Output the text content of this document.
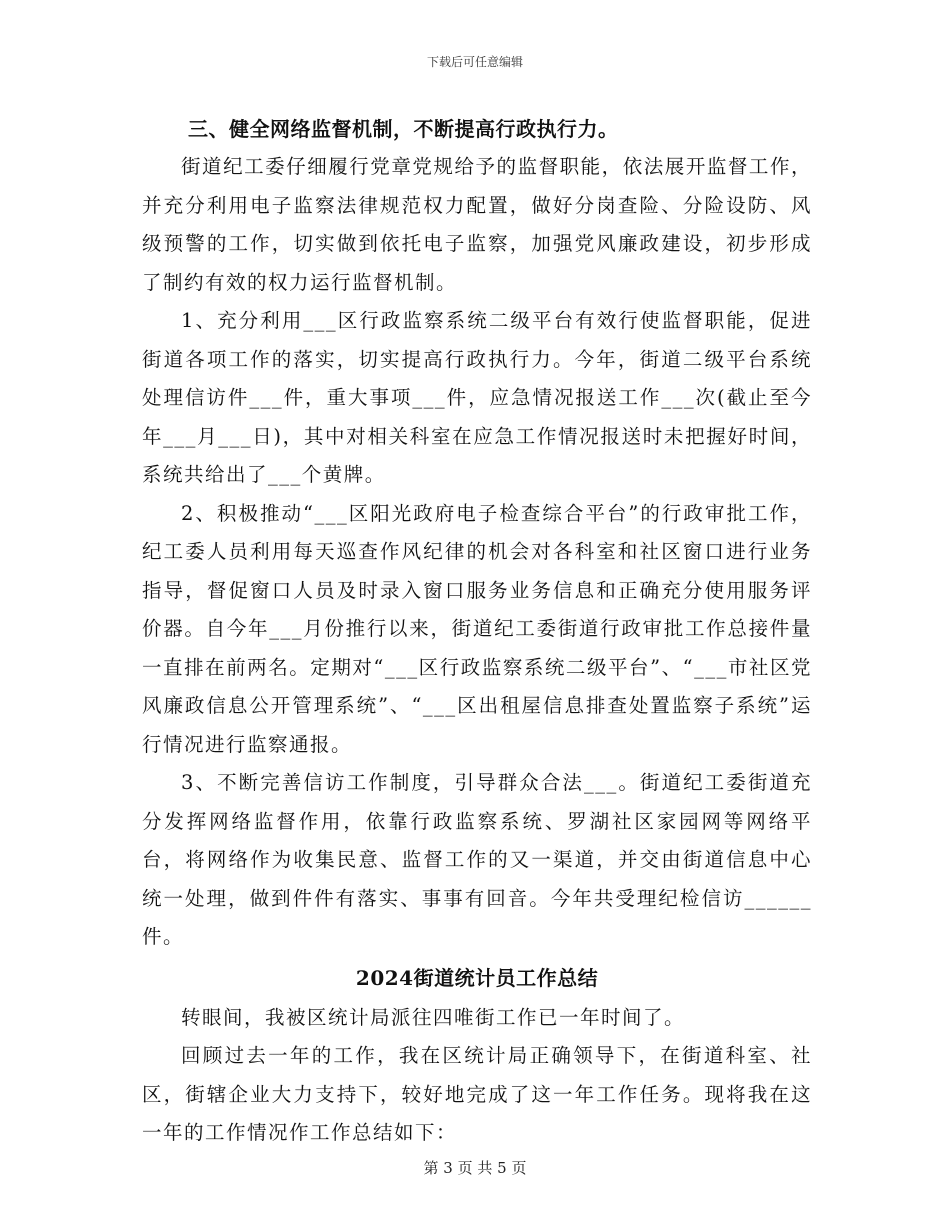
下载后可任意编辑

三、健全网络监督机制，不断提高行政执行力。

街道纪工委仔细履行党章党规给予的监督职能，依法展开监督工作，并充分利用电子监察法律规范权力配置，做好分岗查险、分险设防、风级预警的工作，切实做到依托电子监察，加强党风廉政建设，初步形成了制约有效的权力运行监督机制。

1、充分利用___区行政监察系统二级平台有效行使监督职能，促进街道各项工作的落实，切实提高行政执行力。今年，街道二级平台系统处理信访件___件，重大事项___件，应急情况报送工作___次(截止至今年___月___日)，其中对相关科室在应急工作情况报送时未把握好时间，系统共给出了___个黄牌。

2、积极推动“___区阳光政府电子检查综合平台”的行政审批工作，纪工委人员利用每天巡查作风纪律的机会对各科室和社区窗口进行业务指导，督促窗口人员及时录入窗口服务业务信息和正确充分使用服务评价器。自今年___月份推行以来，街道纪工委街道行政审批工作总接件量一直排在前两名。定期对“___区行政监察系统二级平台”、“___市社区党风廉政信息公开管理系统”、“___区出租屋信息排查处置监察子系统”运行情况进行监察通报。

3、不断完善信访工作制度，引导群众合法___。街道纪工委街道充分发挥网络监督作用，依靠行政监察系统、罗湖社区家园网等网络平台，将网络作为收集民意、监督工作的又一渠道，并交由街道信息中心统一处理，做到件件有落实、事事有回音。今年共受理纪检信访______件。

2024街道统计员工作总结

转眼间，我被区统计局派往四唯街工作已一年时间了。

回顾过去一年的工作，我在区统计局正确领导下，在街道科室、社区，街辖企业大力支持下，较好地完成了这一年工作任务。现将我在这一年的工作情况作工作总结如下：

第 3 页 共 5 页
